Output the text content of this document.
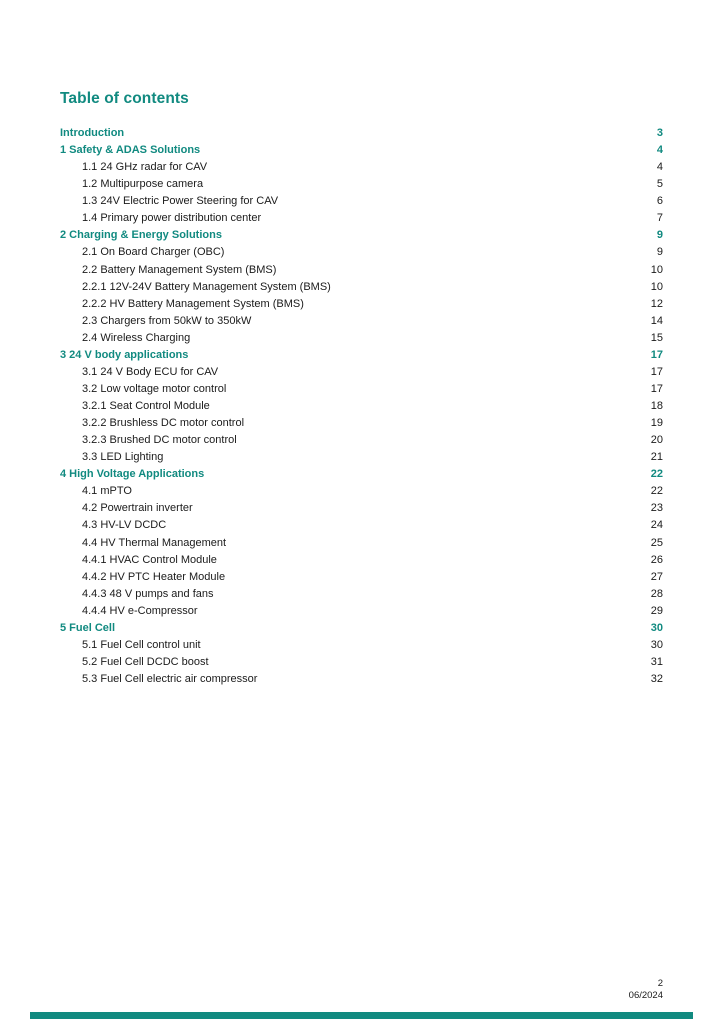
Table of contents
Introduction	3
1 Safety & ADAS Solutions	4
1.1 24 GHz radar for CAV	4
1.2 Multipurpose camera	5
1.3 24V Electric Power Steering for CAV	6
1.4 Primary power distribution center	7
2 Charging & Energy Solutions	9
2.1 On Board Charger (OBC)	9
2.2 Battery Management System (BMS)	10
2.2.1 12V-24V Battery Management System (BMS)	10
2.2.2 HV Battery Management System (BMS)	12
2.3 Chargers from 50kW to 350kW	14
2.4 Wireless Charging	15
3 24 V body applications	17
3.1 24 V Body ECU for CAV	17
3.2 Low voltage motor control	17
3.2.1 Seat Control Module	18
3.2.2 Brushless DC motor control	19
3.2.3 Brushed DC motor control	20
3.3 LED Lighting	21
4 High Voltage Applications	22
4.1 mPTO	22
4.2 Powertrain inverter	23
4.3 HV-LV DCDC	24
4.4 HV Thermal Management	25
4.4.1 HVAC Control Module	26
4.4.2 HV PTC Heater Module	27
4.4.3 48 V pumps and fans	28
4.4.4 HV e-Compressor	29
5 Fuel Cell	30
5.1 Fuel Cell control unit	30
5.2 Fuel Cell DCDC boost	31
5.3 Fuel Cell electric air compressor	32
2
06/2024
